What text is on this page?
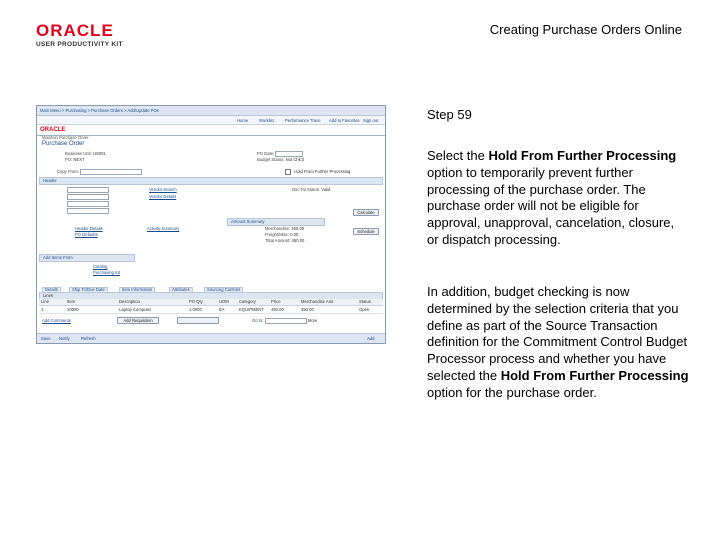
ORACLE
USER PRODUCTIVITY KIT
Creating Purchase Orders Online
Main Menu > Purchasing > Purchase Orders > Add/Update POs
Home	Worklist	Performance Trace Add to Favorites Sign out
ORACLE
Maintain Purchase Order
Purchase Order
Business Unit: US001
PO: NEXT
PO Date:
Budget Status: Not Chk'd
Hold From Further Processing
Copy From:
Header
Vendor Search
Vendor Details
Doc Tol Status: Valid
Calculate
Amount Summary
Header Details
PO Defaults
Activity Summary	Merchandise: 450.00
Freight/Misc: 0.00
Total Amount: 450.00
Schedule
Add Items From
Catalog
Purchasing Kit
Lines
Details	Ship To/Due Date	Item Information	Attributes	Sourcing Controls
Line	Item	Description	PO Qty	UOM Category	Price	Merchandise Amt	Status
1	10050	Laptop Computer	1.0000	EA	EQUIPMENT 450.00	450.00	Open
Add Comments	Add Requisition	Go to:	More
Save Notify	Refresh	Add
Step 59
Select the Hold From Further Processing option to temporarily prevent further processing of the purchase order. The purchase order will not be eligible for approval, unapproval, cancelation, closure, or dispatch processing.
In addition, budget checking is now determined by the selection criteria that you define as part of the Source Transaction definition for the Commitment Control Budget Processor process and whether you have selected the Hold From Further Processing option for the purchase order.
